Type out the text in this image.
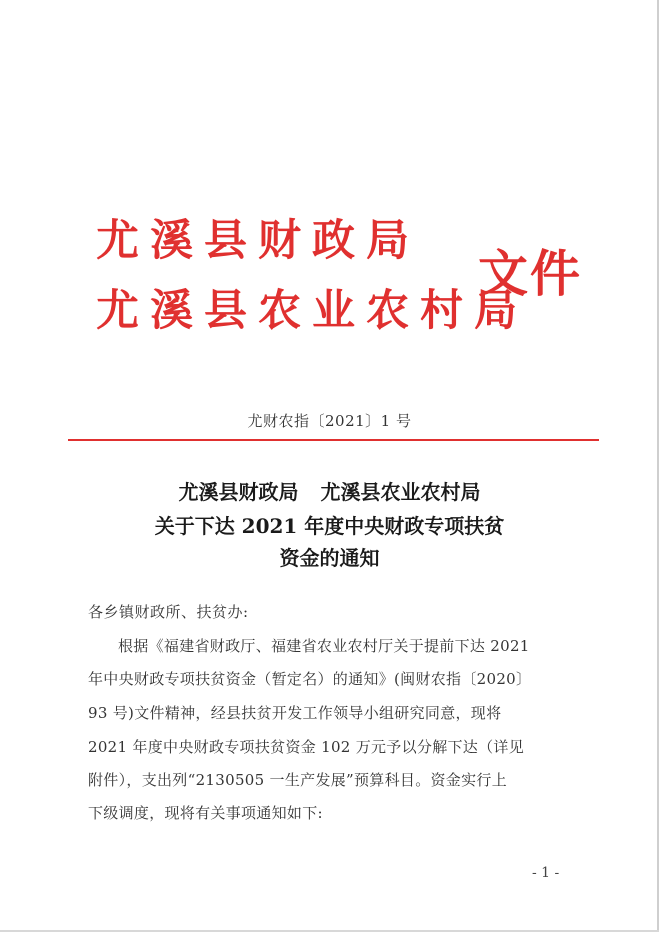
尤溪县财政局
尤溪县农业农村局
文件
尤财农指〔2021〕1 号
尤溪县财政局 尤溪县农业农村局
关于下达 2021 年度中央财政专项扶贫
资金的通知
各乡镇财政所、扶贫办:
根据《福建省财政厅、福建省农业农村厅关于提前下达 2021
年中央财政专项扶贫资金（暂定名）的通知》(闽财农指〔2020〕
93 号)文件精神，经县扶贫开发工作领导小组研究同意，现将
2021 年度中央财政专项扶贫资金 102 万元予以分解下达（详见
附件），支出列“2130505 一生产发展”预算科目。资金实行上
下级调度，现将有关事项通知如下:
- 1 -
